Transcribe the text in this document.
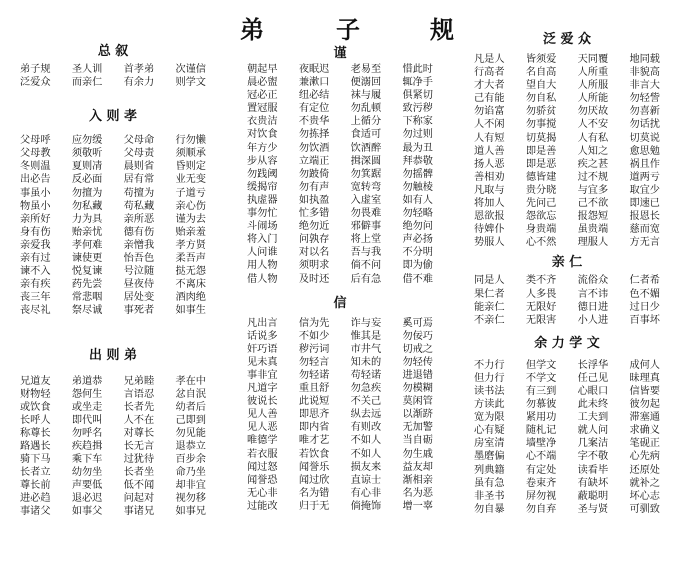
弟	子	规
总 叙
弟子规 圣人训 首孝弟 次谨信
泛爱众 而亲仁 有余力 则学文
入 则 孝
父母呼 应勿缓 父母命 行勿懒
父母教 须敬听 父母责 须顺承
冬则温 夏则凊 晨则省 昏则定
出必告 反必面 居有常 业无变
事虽小 勿擅为 苟擅为 子道亏
物虽小 勿私藏 苟私藏 亲心伤
亲所好 力为具 亲所恶 谨为去
身有伤 贻亲忧 德有伤 贻亲羞
亲爱我 孝何难 亲憎我 孝方贤
亲有过 谏使更 怡吾色 柔吾声
谏不入 悦复谏 号泣随 挞无怨
亲有疾 药先尝 昼夜侍 不离床
丧三年 常悲咽 居处变 酒肉绝
丧尽礼 祭尽诚 事死者 如事生
出 则 弟
兄道友 弟道恭 兄弟睦 孝在中
财物轻 怨何生 言语忍 忿自泯
或饮食 或坐走 长者先 幼者后
长呼人 即代叫 人不在 己即到
称尊长 勿呼名 对尊长 勿见能
路遇长 疾趋揖 长无言 退恭立
骑下马 乘下车 过犹待 百步余
长者立 幼勿坐 长者坐 命乃坐
尊长前 声要低 低不闻 却非宜
进必趋 退必迟 问起对 视勿移
事诸父 如事父 事诸兄 如事兄
谨
朝起早 夜眠迟 老易至 惜此时
晨必盥 兼漱口 便溺回 辄净手
冠必正 纽必结 袜与履 俱紧切
置冠服 有定位 勿乱顿 致污秽
衣贵洁 不贵华 上循分 下称家
对饮食 勿拣择 食适可 勿过则
年方少 勿饮酒 饮酒醉 最为丑
步从容 立端正 揖深圆 拜恭敬
勿践阈 勿跛倚 勿箕踞 勿摇髀
缓揭帘 勿有声 宽转弯 勿触棱
执虚器 如执盈 入虚室 如有人
事勿忙 忙多错 勿畏难 勿轻略
斗闹场 绝勿近 邪僻事 绝勿问
将入门 问孰存 将上堂 声必扬
人问谁 对以名 吾与我 不分明
用人物 须明求 倘不问 即为偷
借人物 及时还 后有急 借不难
信
凡出言 信为先 诈与妄 奚可焉
话说多 不如少 惟其是 勿佞巧
奸巧语 秽污词 市井气 切戒之
见未真 勿轻言 知未的 勿轻传
事非宜 勿轻诺 苟轻诺 进退错
凡道字 重且舒 勿急疾 勿模糊
彼说长 此说短 不关己 莫闲管
见人善 即思齐 纵去远 以渐跻
见人恶 即内省 有则改 无加警
唯德学 唯才艺 不如人 当自砺
若衣服 若饮食 不如人 勿生戚
闻过怒 闻誉乐 损友来 益友却
闻誉恐 闻过欣 直谅士 渐相亲
无心非 名为错 有心非 名为恶
过能改 归于无 倘掩饰 增一辜
泛 爱 众
凡是人 皆须爱 天同覆 地同载
行高者 名自高 人所重 非貌高
才大者 望自大 人所服 非言大
己有能 勿自私 人所能 勿轻訾
勿谄富 勿骄贫 勿厌故 勿喜新
人不闲 勿事搅 人不安 勿话扰
人有短 切莫揭 人有私 切莫说
道人善 即是善 人知之 愈思勉
扬人恶 即是恶 疾之甚 祸且作
善相劝 德皆建 过不规 道两亏
凡取与 贵分晓 与宜多 取宜少
将加人 先问己 己不欲 即速已
恩欲报 怨欲忘 报怨短 报恩长
待婢仆 身贵端 虽贵端 慈而宽
势服人 心不然 理服人 方无言
亲 仁
同是人 类不齐 流俗众 仁者希
果仁者 人多畏 言不讳 色不媚
能亲仁 无限好 德日进 过日少
不亲仁 无限害 小人进 百事坏
余 力 学 文
不力行 但学文 长浮华 成何人
但力行 不学文 任己见 昧理真
读书法 有三到 心眼口 信皆要
方读此 勿慕彼 此未终 彼勿起
宽为限 紧用功 工夫到 滞塞通
心有疑 随札记 就人问 求确义
房室清 墙壁净 几案洁 笔砚正
墨磨偏 心不端 字不敬 心先病
列典籍 有定处 读看毕 还原处
虽有急 卷束齐 有缺坏 就补之
非圣书 屏勿视 蔽聪明 坏心志
勿自暴 勿自弃 圣与贤 可驯致
